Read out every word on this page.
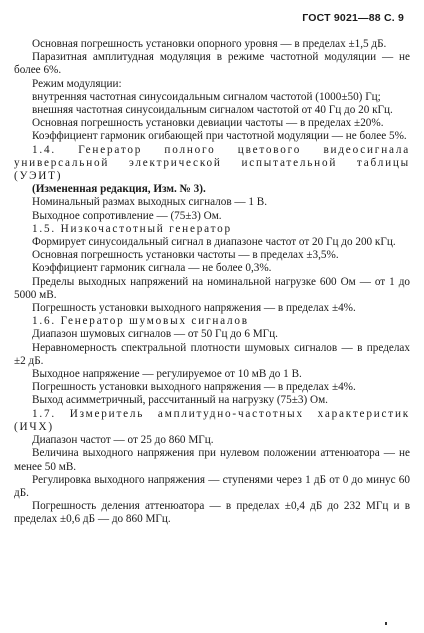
ГОСТ 9021—88 С. 9

Основная погрешность установки опорного уровня — в пределах ±1,5 дБ.

Паразитная амплитудная модуляция в режиме частотной модуляции — не более 6%.

Режим модуляции:

внутренняя частотная синусоидальным сигналом частотой (1000±50) Гц;

внешняя частотная синусоидальным сигналом частотой от 40 Гц до 20 кГц.

Основная погрешность установки девиации частоты — в пределах ±20%.

Коэффициент гармоник огибающей при частотной модуляции — не более 5%.

1.4. Генератор полного цветового видеосигнала универсальной электрической испытательной таблицы (УЭИТ)

(Измененная редакция, Изм. № 3).

Номинальный размах выходных сигналов — 1 В.

Выходное сопротивление — (75±3) Ом.

1.5. Низкочастотный генератор

Формирует синусоидальный сигнал в диапазоне частот от 20 Гц до 200 кГц.

Основная погрешность установки частоты — в пределах ±3,5%.

Коэффициент гармоник сигнала — не более 0,3%.

Пределы выходных напряжений на номинальной нагрузке 600 Ом — от 1 до 5000 мВ.

Погрешность установки выходного напряжения — в пределах ±4%.

1.6. Генератор шумовых сигналов

Диапазон шумовых сигналов — от 50 Гц до 6 МГц.

Неравномерность спектральной плотности шумовых сигналов — в пределах ±2 дБ.

Выходное напряжение — регулируемое от 10 мВ до 1 В.

Погрешность установки выходного напряжения — в пределах ±4%.

Выход асимметричный, рассчитанный на нагрузку (75±3) Ом.

1.7. Измеритель амплитудно-частотных характеристик (ИЧХ)

Диапазон частот — от 25 до 860 МГц.

Величина выходного напряжения при нулевом положении аттенюатора — не менее 50 мВ.

Регулировка выходного напряжения — ступенями через 1 дБ от 0 до минус 60 дБ.

Погрешность деления аттенюатора — в пределах ±0,4 дБ до 232 МГц и в пределах ±0,6 дБ — до 860 МГц.
